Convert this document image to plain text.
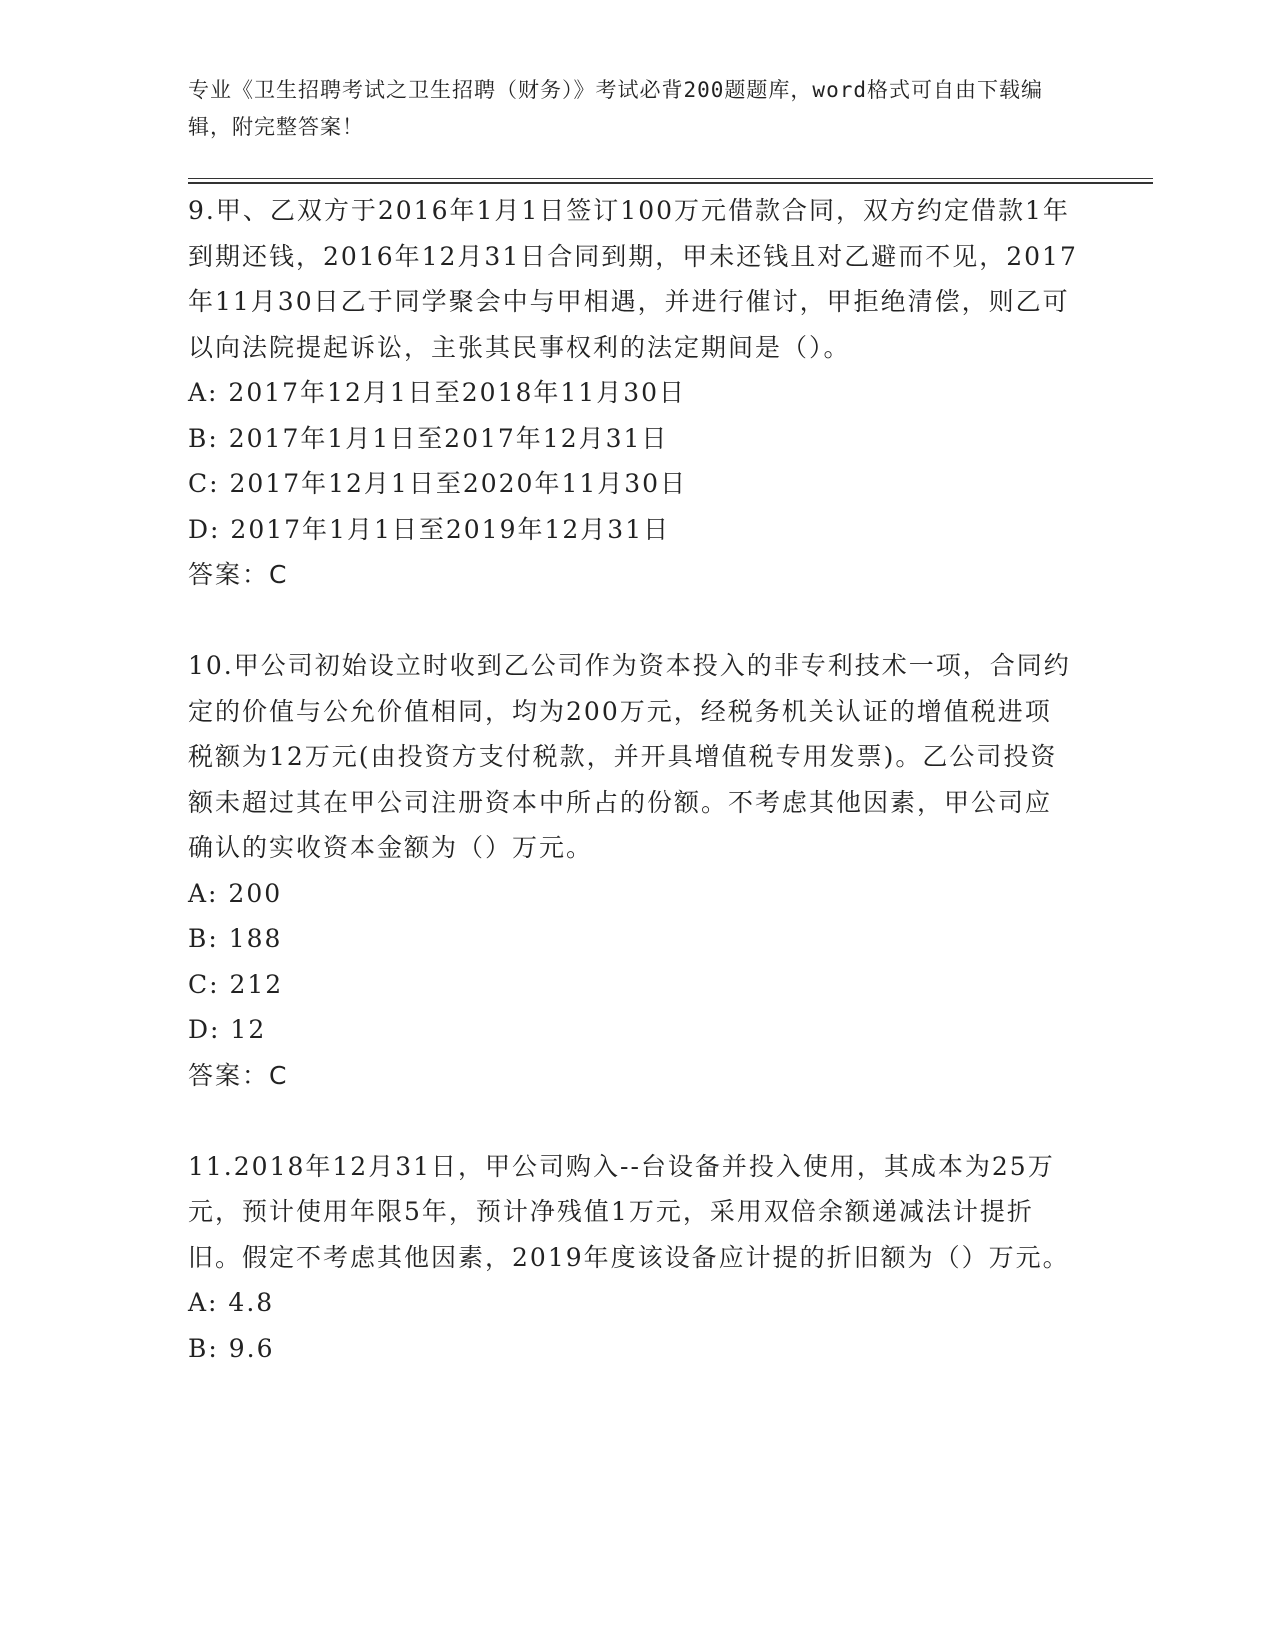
专业《卫生招聘考试之卫生招聘（财务）》考试必背200题题库，word格式可自由下载编辑，附完整答案！
9.甲、乙双方于2016年1月1日签订100万元借款合同，双方约定借款1年到期还钱，2016年12月31日合同到期，甲未还钱且对乙避而不见，2017年11月30日乙于同学聚会中与甲相遇，并进行催讨，甲拒绝清偿，则乙可以向法院提起诉讼，主张其民事权利的法定期间是（）。
A: 2017年12月1日至2018年11月30日
B: 2017年1月1日至2017年12月31日
C: 2017年12月1日至2020年11月30日
D: 2017年1月1日至2019年12月31日
答案：C
10.甲公司初始设立时收到乙公司作为资本投入的非专利技术一项，合同约定的价值与公允价值相同，均为200万元，经税务机关认证的增值税进项税额为12万元(由投资方支付税款，并开具增值税专用发票)。乙公司投资额未超过其在甲公司注册资本中所占的份额。不考虑其他因素，甲公司应确认的实收资本金额为（）万元。
A: 200
B: 188
C: 212
D: 12
答案：C
11.2018年12月31日，甲公司购入--台设备并投入使用，其成本为25万元，预计使用年限5年，预计净残值1万元，采用双倍余额递减法计提折旧。假定不考虑其他因素，2019年度该设备应计提的折旧额为（）万元。
A: 4.8
B: 9.6
